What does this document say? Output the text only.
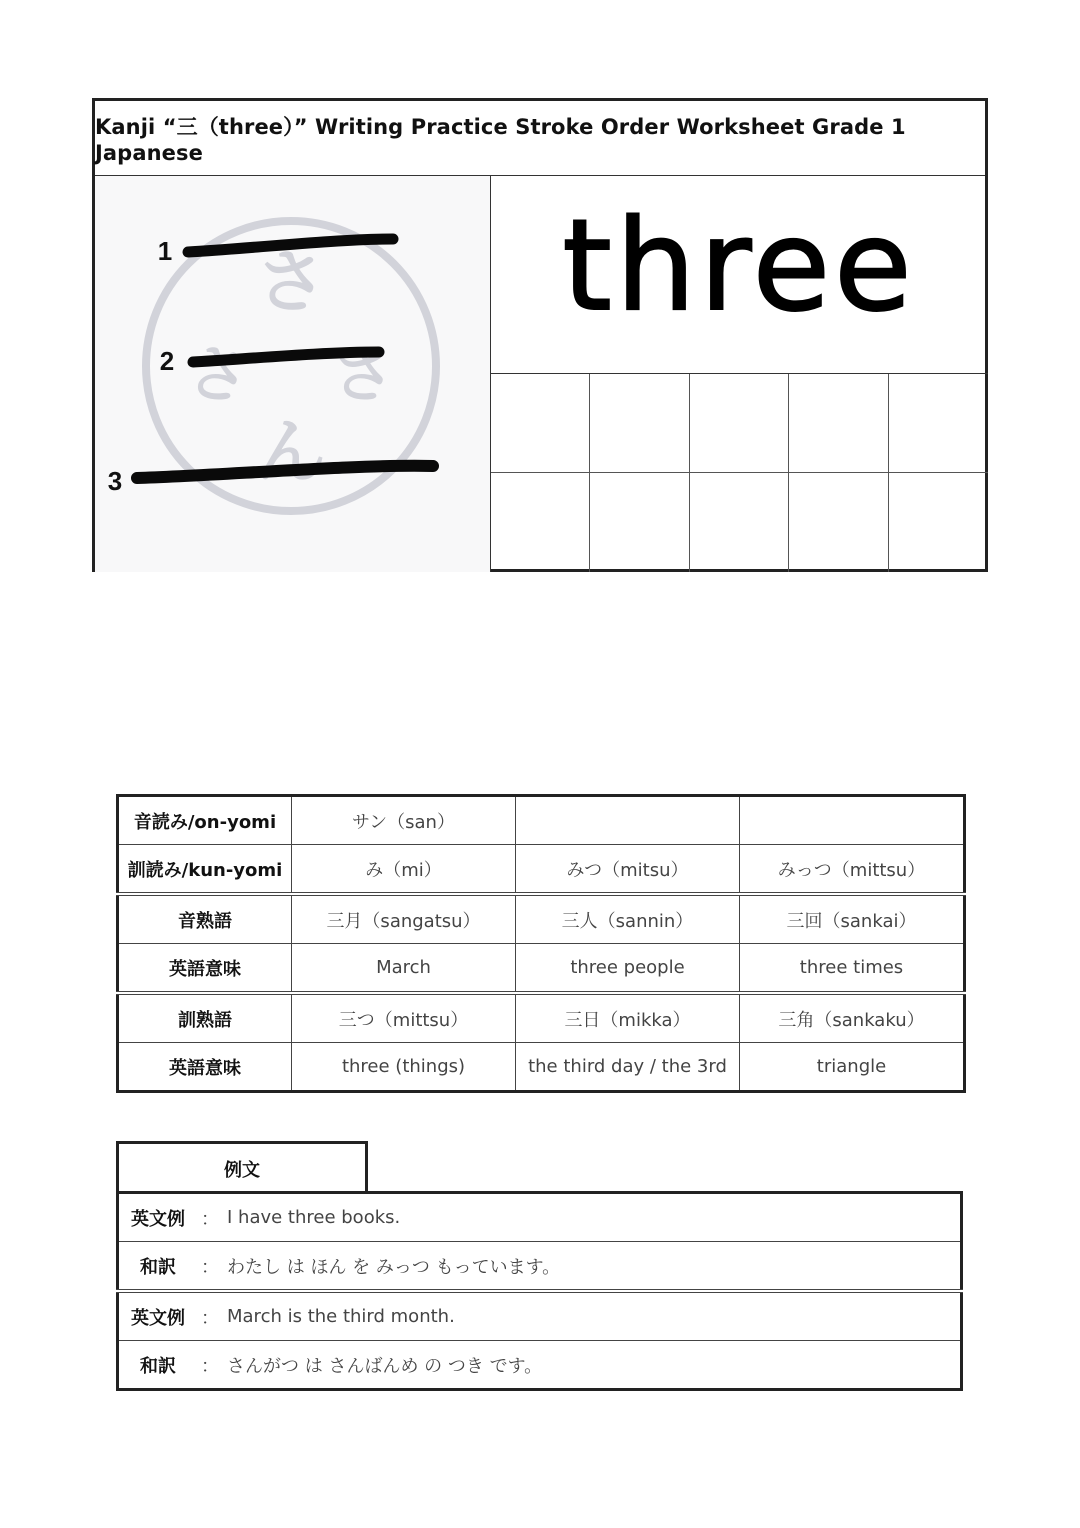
Kanji “三（three）” Writing Practice Stroke Order Worksheet Grade 1 Japanese
さ
さ さ
ん
1
2
3
three
音読み/on-yomi	サン（san）		
訓読み/kun-yomi	み（mi）	みつ（mitsu）	みっつ（mittsu）
音熟語	三月（sangatsu）	三人（sannin）	三回（sankai）
英語意味	March	three people	three times
訓熟語	三つ（mittsu）	三日（mikka）	三角（sankaku）
英語意味	three (things)	the third day / the 3rd	triangle
例文
英文例	：	I have three books.
和訳	：	わたし は ほん を みっつ もっています。
英文例	：	March is the third month.
和訳	：	さんがつ は さんばんめ の つき です。
